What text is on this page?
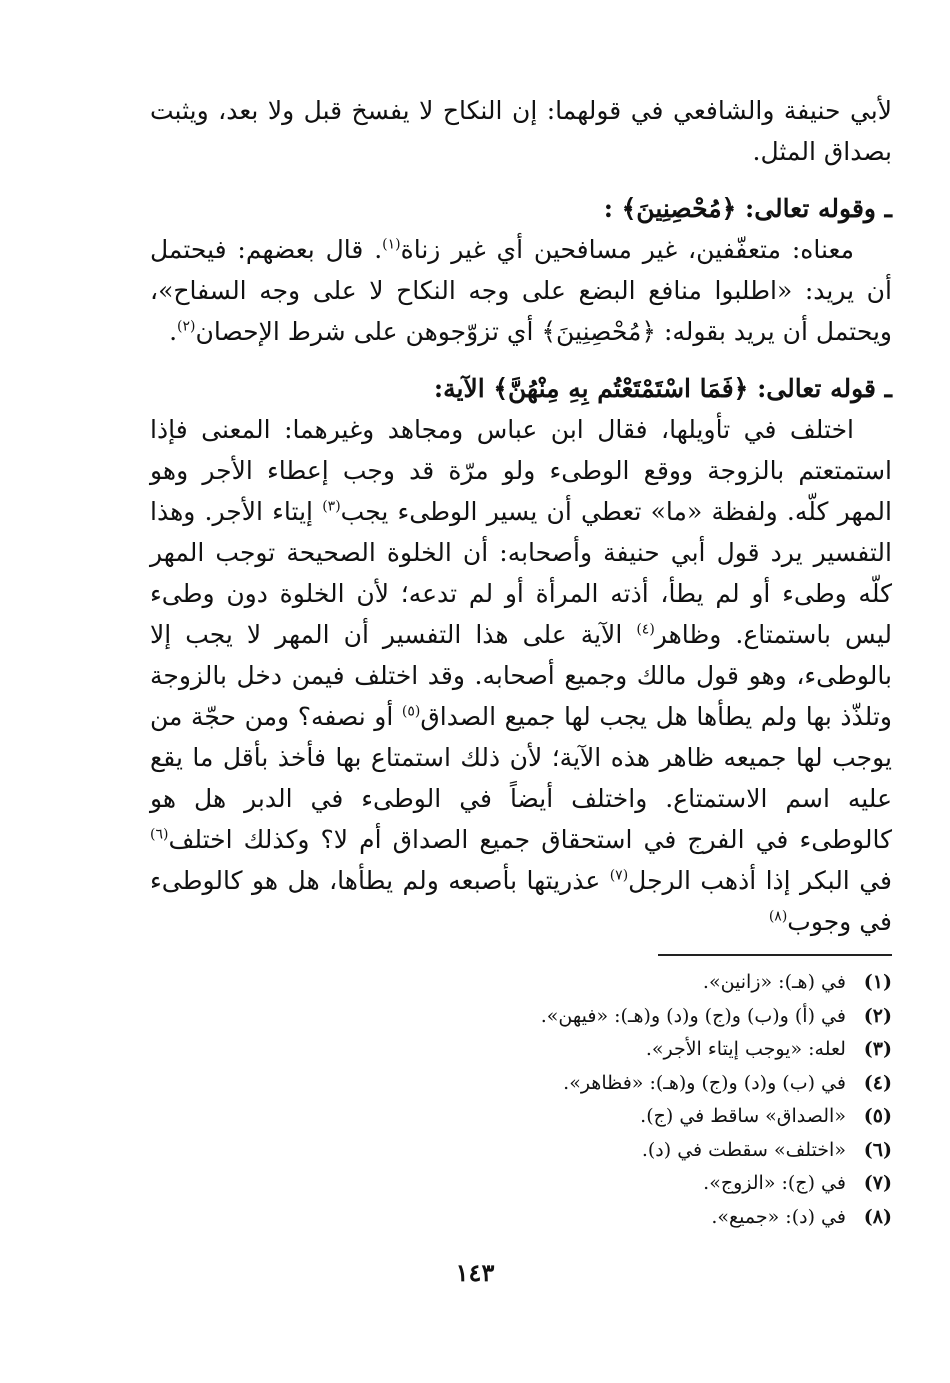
لأبي حنيفة والشافعي في قولهما: إن النكاح لا يفسخ قبل ولا بعد، ويثبت بصداق المثل.

ـ وقوله تعالى: ﴿مُحْصِنِينَ﴾ :

معناه: متعفّفين، غير مسافحين أي غير زناة$^{(١)}$. قال بعضهم: فيحتمل أن يريد: «اطلبوا منافع البضع على وجه النكاح لا على وجه السفاح»، ويحتمل أن يريد بقوله: ﴿مُحْصِنِينَ﴾ أي تزوّجوهن على شرط الإحصان$^{(٢)}$.

ـ قوله تعالى: ﴿فَمَا اسْتَمْتَعْتُم بِهِ مِنْهُنَّ﴾ الآية:

اختلف في تأويلها، فقال ابن عباس ومجاهد وغيرهما: المعنى فإذا استمتعتم بالزوجة ووقع الوطىء ولو مرّة قد وجب إعطاء الأجر وهو المهر كلّه. ولفظة «ما» تعطي أن يسير الوطىء يجب$^{(٣)}$ إيتاء الأجر. وهذا التفسير يرد قول أبي حنيفة وأصحابه: أن الخلوة الصحيحة توجب المهر كلّه وطىء أو لم يطأ، أذته المرأة أو لم تدعه؛ لأن الخلوة دون وطىء ليس باستمتاع. وظاهر$^{(٤)}$ الآية على هذا التفسير أن المهر لا يجب إلا بالوطىء، وهو قول مالك وجميع أصحابه. وقد اختلف فيمن دخل بالزوجة وتلذّذ بها ولم يطأها هل يجب لها جميع الصداق$^{(٥)}$ أو نصفه؟ ومن حجّة من يوجب لها جميعه ظاهر هذه الآية؛ لأن ذلك استمتاع بها فأخذ بأقل ما يقع عليه اسم الاستمتاع. واختلف أيضاً في الوطىء في الدبر هل هو كالوطىء في الفرج في استحقاق جميع الصداق أم لا؟ وكذلك اختلف$^{(٦)}$ في البكر إذا أذهب الرجل$^{(٧)}$ عذريتها بأصبعه ولم يطأها، هل هو كالوطىء في وجوب$^{(٨)}$

(١) في (هـ): «زانين».
(٢) في (أ) و(ب) و(ج) و(د) و(هـ): «فيهن».
(٣) لعله: «يوجب إيتاء الأجر».
(٤) في (ب) و(د) و(ج) و(هـ): «فظاهر».
(٥) «الصداق» ساقط في (ج).
(٦) «اختلف» سقطت في (د).
(٧) في (ج): «الزوج».
(٨) في (د): «جميع».
١٤٣
